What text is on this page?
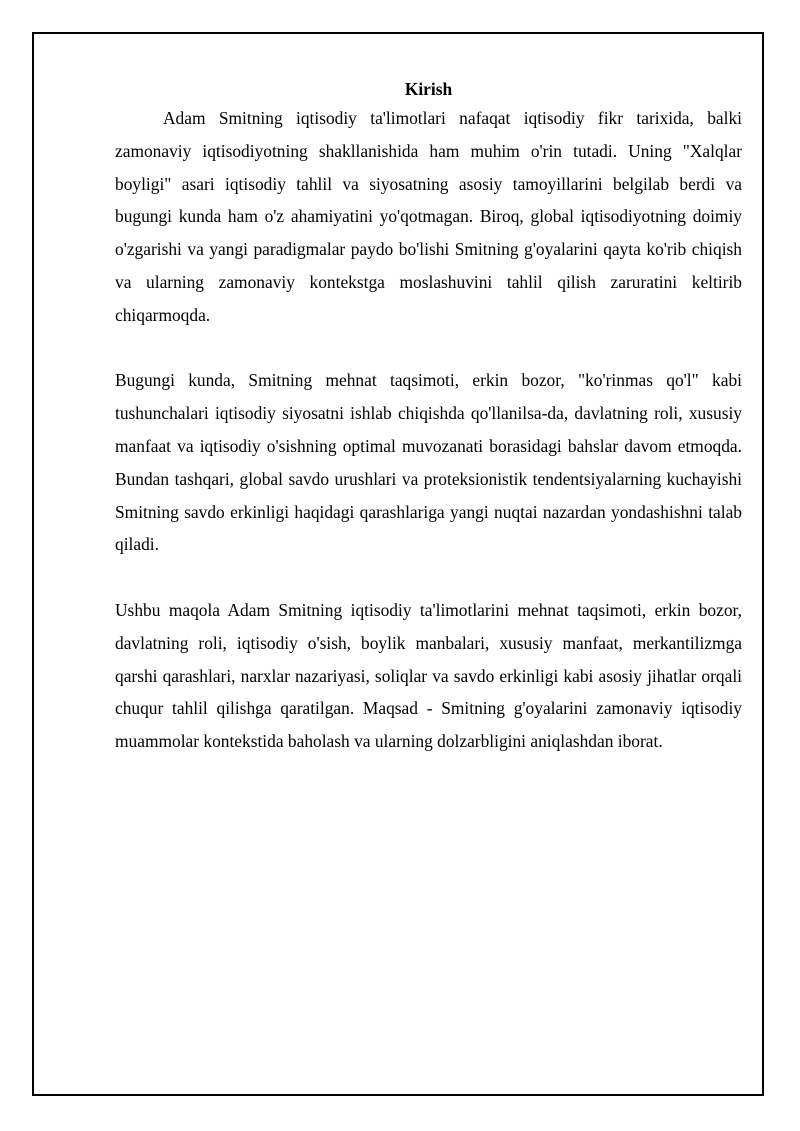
Kirish

Adam Smitning iqtisodiy ta'limotlari nafaqat iqtisodiy fikr tarixida, balki zamonaviy iqtisodiyotning shakllanishida ham muhim o'rin tutadi. Uning "Xalqlar boyligi" asari iqtisodiy tahlil va siyosatning asosiy tamoyillarini belgilab berdi va bugungi kunda ham o'z ahamiyatini yo'qotmagan. Biroq, global iqtisodiyotning doimiy o'zgarishi va yangi paradigmalar paydo bo'lishi Smitning g'oyalarini qayta ko'rib chiqish va ularning zamonaviy kontekstga moslashuvini tahlil qilish zaruratini keltirib chiqarmoqda.

Bugungi kunda, Smitning mehnat taqsimoti, erkin bozor, "ko'rinmas qo'l" kabi tushunchalari iqtisodiy siyosatni ishlab chiqishda qo'llanilsa-da, davlatning roli, xususiy manfaat va iqtisodiy o'sishning optimal muvozanati borasidagi bahslar davom etmoqda. Bundan tashqari, global savdo urushlari va proteksionistik tendentsiyalarning kuchayishi Smitning savdo erkinligi haqidagi qarashlariga yangi nuqtai nazardan yondashishni talab qiladi.

Ushbu maqola Adam Smitning iqtisodiy ta'limotlarini mehnat taqsimoti, erkin bozor, davlatning roli, iqtisodiy o'sish, boylik manbalari, xususiy manfaat, merkantilizmga qarshi qarashlari, narxlar nazariyasi, soliqlar va savdo erkinligi kabi asosiy jihatlar orqali chuqur tahlil qilishga qaratilgan. Maqsad - Smitning g'oyalarini zamonaviy iqtisodiy muammolar kontekstida baholash va ularning dolzarbligini aniqlashdan iborat.
